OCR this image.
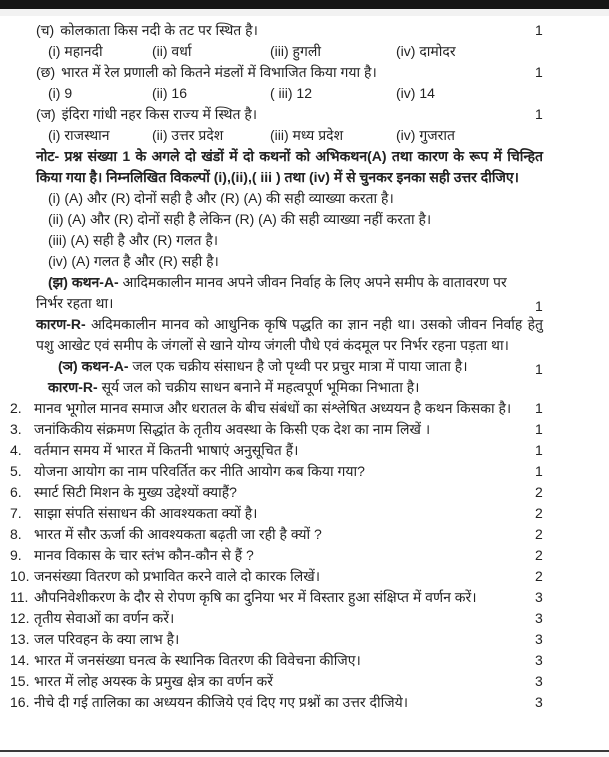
(च) कोलकाता किस नदी के तट पर स्थित है।	1
(i) महानदी	(ii) वर्धा	(iii) हुगली	(iv) दामोदर
(छ) भारत में रेल प्रणाली को कितने मंडलों में विभाजित किया गया है।	1
(i) 9	(ii) 16	( iii) 12	(iv) 14
(ज) इंदिरा गांधी नहर किस राज्य में स्थित है।	1
(i) राजस्थान	(ii) उत्तर प्रदेश	(iii) मध्य प्रदेश	(iv) गुजरात
नोट- प्रश्न संख्या 1 के अगले दो खंडों में दो कथनों को अभिकथन(A) तथा कारण के रूप में चिन्हित किया गया है। निम्नलिखित विकल्पों (i),(ii),( iii ) तथा (iv) में से चुनकर इनका सही उत्तर दीजिए।
(i) (A) और (R) दोनों सही है और (R) (A) की सही व्याख्या करता है।
(ii) (A) और (R) दोनों सही है लेकिन (R) (A) की सही व्याख्या नहीं करता है।
(iii) (A) सही है और (R) गलत है।
(iv) (A) गलत है और (R) सही है।
(झ) कथन-A- आदिमकालीन मानव अपने जीवन निर्वाह के लिए अपने समीप के वातावरण पर निर्भर रहता था।	1
कारण-R- अदिमकालीन मानव को आधुनिक कृषि पद्धति का ज्ञान नही था। उसको जीवन निर्वाह हेतु पशु आखेट एवं समीप के जंगलों से खाने योग्य जंगली पौधे एवं कंदमूल पर निर्भर रहना पड़ता था।
(ञ) कथन-A- जल एक चक्रीय संसाधन है जो पृथ्वी पर प्रचुर मात्रा में पाया जाता है।	1
कारण-R- सूर्य जल को चक्रीय साधन बनाने में महत्वपूर्ण भूमिका निभाता है।
2. मानव भूगोल मानव समाज और धरातल के बीच संबंधों का संश्लेषित अध्ययन है कथन किसका है।	1
3. जनांकिकीय संक्रमण सिद्धांत के तृतीय अवस्था के किसी एक देश का नाम लिखें ।	1
4. वर्तमान समय में भारत में कितनी भाषाएं अनुसूचित हैं।	1
5. योजना आयोग का नाम परिवर्तित कर नीति आयोग कब किया गया?	1
6. स्मार्ट सिटी मिशन के मुख्य उद्देश्यों क्याहैं?	2
7. साझा संपति संसाधन की आवश्यकता क्यों है।	2
8. भारत में सौर ऊर्जा की आवश्यकता बढ़ती जा रही है क्यों ?	2
9. मानव विकास के चार स्तंभ कौन-कौन से हैं ?	2
10. जनसंख्या वितरण को प्रभावित करने वाले दो कारक लिखें।	2
11. औपनिवेशीकरण के दौर से रोपण कृषि का दुनिया भर में विस्तार हुआ संक्षिप्त में वर्णन करें।	3
12. तृतीय सेवाओं का वर्णन करें।	3
13. जल परिवहन के क्या लाभ है।	3
14. भारत में जनसंख्या घनत्व के स्थानिक वितरण की विवेचना कीजिए।	3
15. भारत में लोह अयस्क के प्रमुख क्षेत्र का वर्णन करें	3
16. नीचे दी गई तालिका का अध्ययन कीजिये एवं दिए गए प्रश्नों का उत्तर दीजिये।	3
